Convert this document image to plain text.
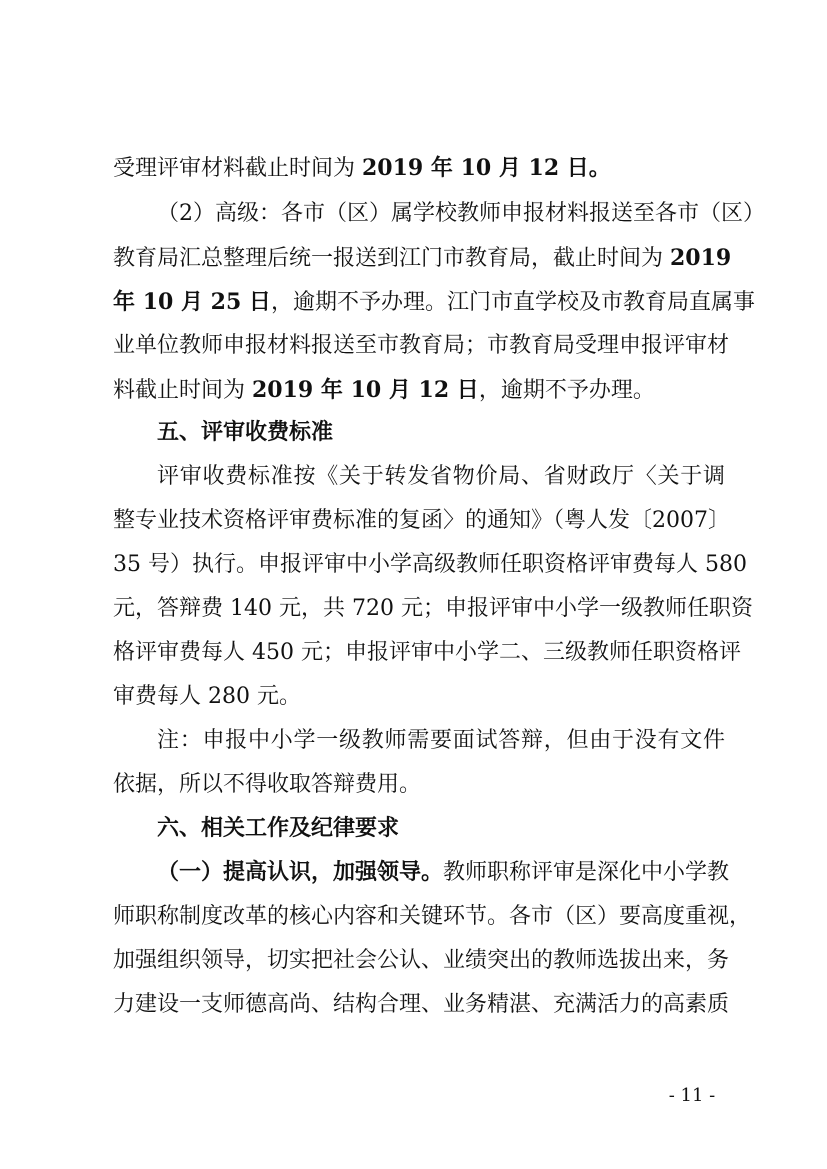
受理评审材料截止时间为 2019 年 10 月 12 日。
（2）高级：各市（区）属学校教师申报材料报送至各市（区）
教育局汇总整理后统一报送到江门市教育局，截止时间为 2019
年 10 月 25 日，逾期不予办理。江门市直学校及市教育局直属事
业单位教师申报材料报送至市教育局；市教育局受理申报评审材
料截止时间为 2019 年 10 月 12 日，逾期不予办理。
五、评审收费标准
评审收费标准按《关于转发省物价局、省财政厅〈关于调
整专业技术资格评审费标准的复函〉的通知》（粤人发〔2007〕
35 号）执行。申报评审中小学高级教师任职资格评审费每人 580
元，答辩费 140 元，共 720 元；申报评审中小学一级教师任职资
格评审费每人 450 元；申报评审中小学二、三级教师任职资格评
审费每人 280 元。
注：申报中小学一级教师需要面试答辩，但由于没有文件
依据，所以不得收取答辩费用。
六、相关工作及纪律要求
（一）提高认识，加强领导。教师职称评审是深化中小学教
师职称制度改革的核心内容和关键环节。各市（区）要高度重视，
加强组织领导，切实把社会公认、业绩突出的教师选拔出来，务
力建设一支师德高尚、结构合理、业务精湛、充满活力的高素质
- 11 -
